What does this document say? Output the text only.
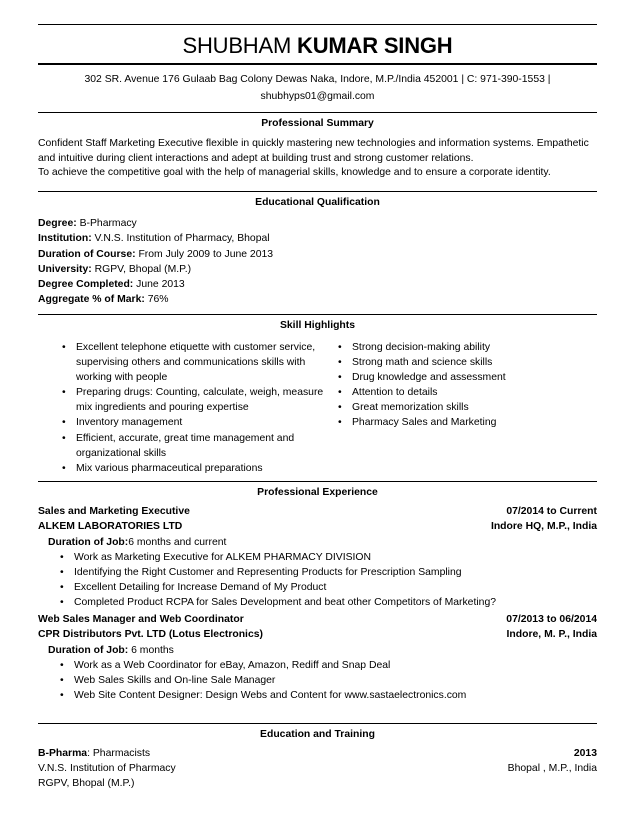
SHUBHAM KUMAR SINGH
302 SR. Avenue 176 Gulaab Bag Colony Dewas Naka, Indore, M.P./India 452001 | C: 971-390-1553 |
shubhyps01@gmail.com
Professional Summary

Confident Staff Marketing Executive flexible in quickly mastering new technologies and information systems. Empathetic

and intuitive during client interactions and adept at building trust and strong customer relations.

To achieve the competitive goal with the help of managerial skills, knowledge and to ensure a corporate identity.

Educational Qualification
Degree: B-Pharmacy
Institution: V.N.S. Institution of Pharmacy, Bhopal
Duration of Course: From July 2009 to June 2013
University: RGPV, Bhopal (M.P.)
Degree Completed: June 2013
Aggregate % of Mark: 76%
Skill Highlights
• Excellent telephone etiquette with customer service, supervising others and communications skills with working with people
• Preparing drugs: Counting, calculate, weigh, measure mix ingredients and pouring expertise
• Inventory management
• Efficient, accurate, great time management and organizational skills
• Mix various pharmaceutical preparations
• Strong decision-making ability
• Strong math and science skills
• Drug knowledge and assessment
• Attention to details
• Great memorization skills
• Pharmacy Sales and Marketing
Professional Experience
Sales and Marketing Executive	07/2014 to Current
ALKEM LABORATORIES LTD	Indore HQ, M.P., India
Duration of Job:6 months and current
• Work as Marketing Executive for ALKEM PHARMACY DIVISION
• Identifying the Right Customer and Representing Products for Prescription Sampling
• Excellent Detailing for Increase Demand of My Product
• Completed Product RCPA for Sales Development and beat other Competitors of Marketing?
Web Sales Manager and Web Coordinator	07/2013 to 06/2014
CPR Distributors Pvt. LTD (Lotus Electronics)	Indore, M. P., India
Duration of Job: 6 months
• Work as a Web Coordinator for eBay, Amazon, Rediff and Snap Deal
• Web Sales Skills and On-line Sale Manager
• Web Site Content Designer: Design Webs and Content for www.sastaelectronics.com
Education and Training
B-Pharma: Pharmacists	2013
V.N.S. Institution of Pharmacy	Bhopal , M.P., India
RGPV, Bhopal (M.P.)
